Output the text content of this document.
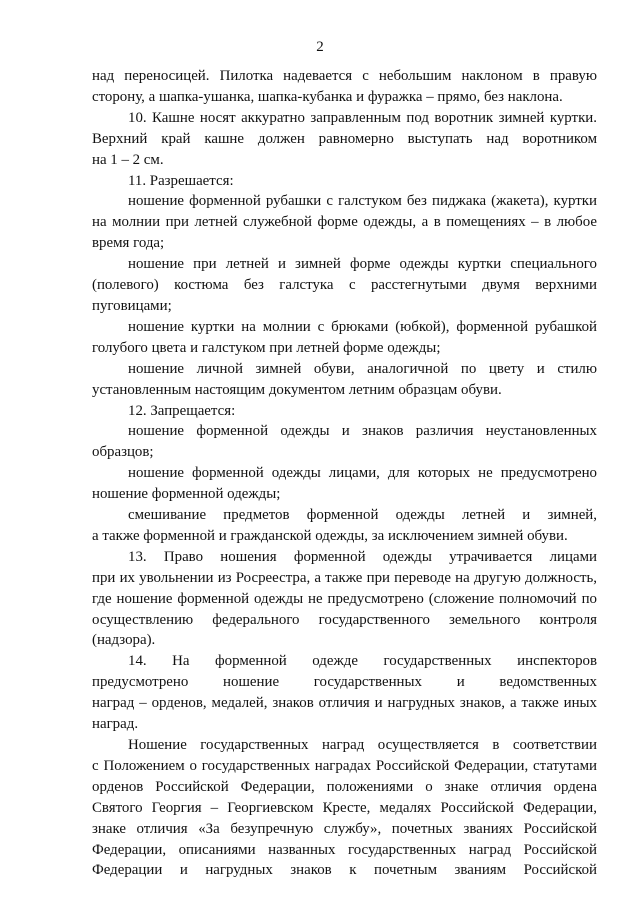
2
над переносицей. Пилотка надевается с небольшим наклоном в правую
сторону, а шапка-ушанка, шапка-кубанка и фуражка – прямо, без наклона.
10. Кашне носят аккуратно заправленным под воротник зимней куртки.
Верхний край кашне должен равномерно выступать над воротником
на 1 – 2 см.
11. Разрешается:
ношение форменной рубашки с галстуком без пиджака (жакета), куртки
на молнии при летней служебной форме одежды, а в помещениях – в любое
время года;
ношение при летней и зимней форме одежды куртки специального
(полевого) костюма без галстука с расстегнутыми двумя верхними
пуговицами;
ношение куртки на молнии с брюками (юбкой), форменной рубашкой
голубого цвета и галстуком при летней форме одежды;
ношение личной зимней обуви, аналогичной по цвету и стилю
установленным настоящим документом летним образцам обуви.
12. Запрещается:
ношение форменной одежды и знаков различия неустановленных
образцов;
ношение форменной одежды лицами, для которых не предусмотрено
ношение форменной одежды;
смешивание предметов форменной одежды летней и зимней,
а также форменной и гражданской одежды, за исключением зимней обуви.
13. Право ношения форменной одежды утрачивается лицами
при их увольнении из Росреестра, а также при переводе на другую должность,
где ношение форменной одежды не предусмотрено (сложение полномочий по
осуществлению федерального государственного земельного контроля
(надзора).
14. На форменной одежде государственных инспекторов
предусмотрено ношение государственных и ведомственных
наград – орденов, медалей, знаков отличия и нагрудных знаков, а также иных
наград.
Ношение государственных наград осуществляется в соответствии
с Положением о государственных наградах Российской Федерации, статутами
орденов Российской Федерации, положениями о знаке отличия ордена
Святого Георгия – Георгиевском Кресте, медалях Российской Федерации,
знаке отличия «За безупречную службу», почетных званиях Российской
Федерации, описаниями названных государственных наград Российской
Федерации и нагрудных знаков к почетным званиям Российской
